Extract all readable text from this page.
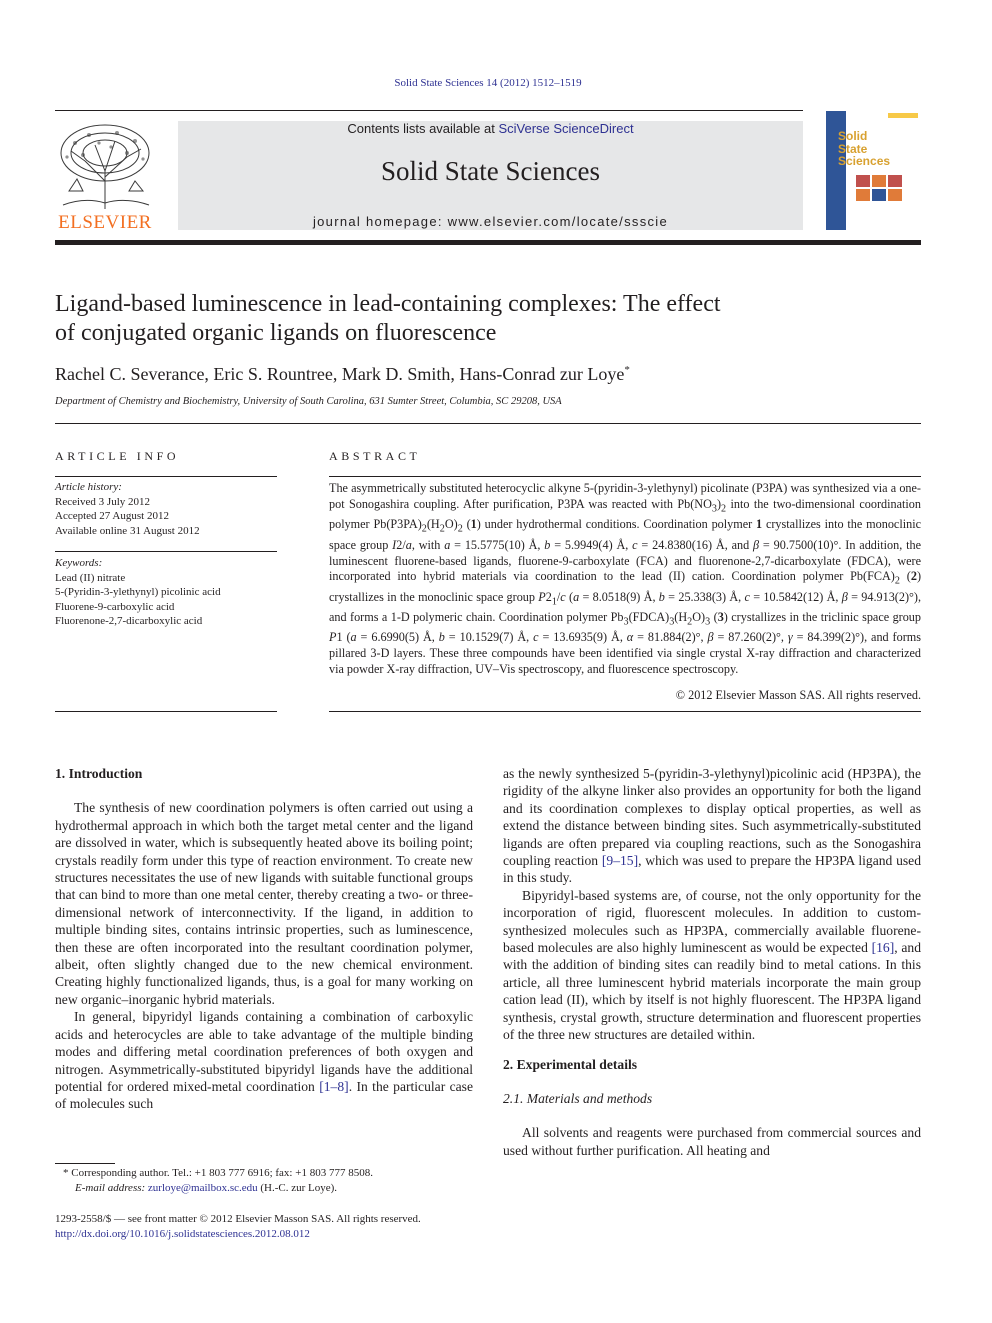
Solid State Sciences 14 (2012) 1512–1519
ELSEVIER
Contents lists available at SciVerse ScienceDirect
Solid State Sciences
journal homepage: www.elsevier.com/locate/ssscie
Solid
State
Sciences
Ligand-based luminescence in lead-containing complexes: The effect
of conjugated organic ligands on fluorescence
Rachel C. Severance, Eric S. Rountree, Mark D. Smith, Hans-Conrad zur Loye*
Department of Chemistry and Biochemistry, University of South Carolina, 631 Sumter Street, Columbia, SC 29208, USA
ARTICLE INFO
Article history:
Received 3 July 2012
Accepted 27 August 2012
Available online 31 August 2012
Keywords:
Lead (II) nitrate
5-(Pyridin-3-ylethynyl) picolinic acid
Fluorene-9-carboxylic acid
Fluorenone-2,7-dicarboxylic acid
ABSTRACT
The asymmetrically substituted heterocyclic alkyne 5-(pyridin-3-ylethynyl) picolinate (P3PA) was synthesized via a one-pot Sonogashira coupling. After purification, P3PA was reacted with $Pb(NO_3)_2$ into the two-dimensional coordination polymer $Pb(P3PA)_2(H_2O)_2$ (1) under hydrothermal conditions. Coordination polymer 1 crystallizes into the monoclinic space group I2/a, with a = 15.5775(10) Å, b = 5.9949(4) Å, c = 24.8380(16) Å, and β = 90.7500(10)°. In addition, the luminescent fluorene-based ligands, fluorene-9-carboxylate (FCA) and fluorenone-2,7-dicarboxylate (FDCA), were incorporated into hybrid materials via coordination to the lead (II) cation. Coordination polymer $Pb(FCA)_2$ (2) crystallizes in the monoclinic space group $P2_1/c$ (a = 8.0518(9) Å, b = 25.338(3) Å, c = 10.5842(12) Å, β = 94.913(2)°), and forms a 1-D polymeric chain. Coordination polymer $Pb_3(FDCA)_3(H_2O)_3$ (3) crystallizes in the triclinic space group P1 (a = 6.6990(5) Å, b = 10.1529(7) Å, c = 13.6935(9) Å, α = 81.884(2)°, β = 87.260(2)°, γ = 84.399(2)°), and forms pillared 3-D layers. These three compounds have been identified via single crystal X-ray diffraction and characterized via powder X-ray diffraction, UV–Vis spectroscopy, and fluorescence spectroscopy.
© 2012 Elsevier Masson SAS. All rights reserved.
1. Introduction

The synthesis of new coordination polymers is often carried out using a hydrothermal approach in which both the target metal center and the ligand are dissolved in water, which is subsequently heated above its boiling point; crystals readily form under this type of reaction environment. To create new structures necessitates the use of new ligands with suitable functional groups that can bind to more than one metal center, thereby creating a two- or three- dimensional network of interconnectivity. If the ligand, in addition to multiple binding sites, contains intrinsic properties, such as luminescence, then these are often incorporated into the resultant coordination polymer, albeit, often slightly changed due to the new chemical environment. Creating highly functionalized ligands, thus, is a goal for many working on new organic–inorganic hybrid materials.

In general, bipyridyl ligands containing a combination of carboxylic acids and heterocycles are able to take advantage of the multiple binding modes and differing metal coordination preferences of both oxygen and nitrogen. Asymmetrically-substituted bipyridyl ligands have the additional potential for ordered mixed-metal coordination [1–8]. In the particular case of molecules such

as the newly synthesized 5-(pyridin-3-ylethynyl)picolinic acid (HP3PA), the rigidity of the alkyne linker also provides an opportunity for both the ligand and its coordination complexes to display optical properties, as well as extend the distance between binding sites. Such asymmetrically-substituted ligands are often prepared via coupling reactions, such as the Sonogashira coupling reaction [9–15], which was used to prepare the HP3PA ligand used in this study.

Bipyridyl-based systems are, of course, not the only opportunity for the incorporation of rigid, fluorescent molecules. In addition to custom-synthesized molecules such as HP3PA, commercially available fluorene-based molecules are also highly luminescent as would be expected [16], and with the addition of binding sites can readily bind to metal cations. In this article, all three luminescent hybrid materials incorporate the main group cation lead (II), which by itself is not highly fluorescent. The HP3PA ligand synthesis, crystal growth, structure determination and fluorescent properties of the three new structures are detailed within.

2. Experimental details
2.1. Materials and methods

All solvents and reagents were purchased from commercial sources and used without further purification. All heating and

* Corresponding author. Tel.: +1 803 777 6916; fax: +1 803 777 8508.
E-mail address: zurloye@mailbox.sc.edu (H.-C. zur Loye).
1293-2558/$ — see front matter © 2012 Elsevier Masson SAS. All rights reserved.
http://dx.doi.org/10.1016/j.solidstatesciences.2012.08.012
